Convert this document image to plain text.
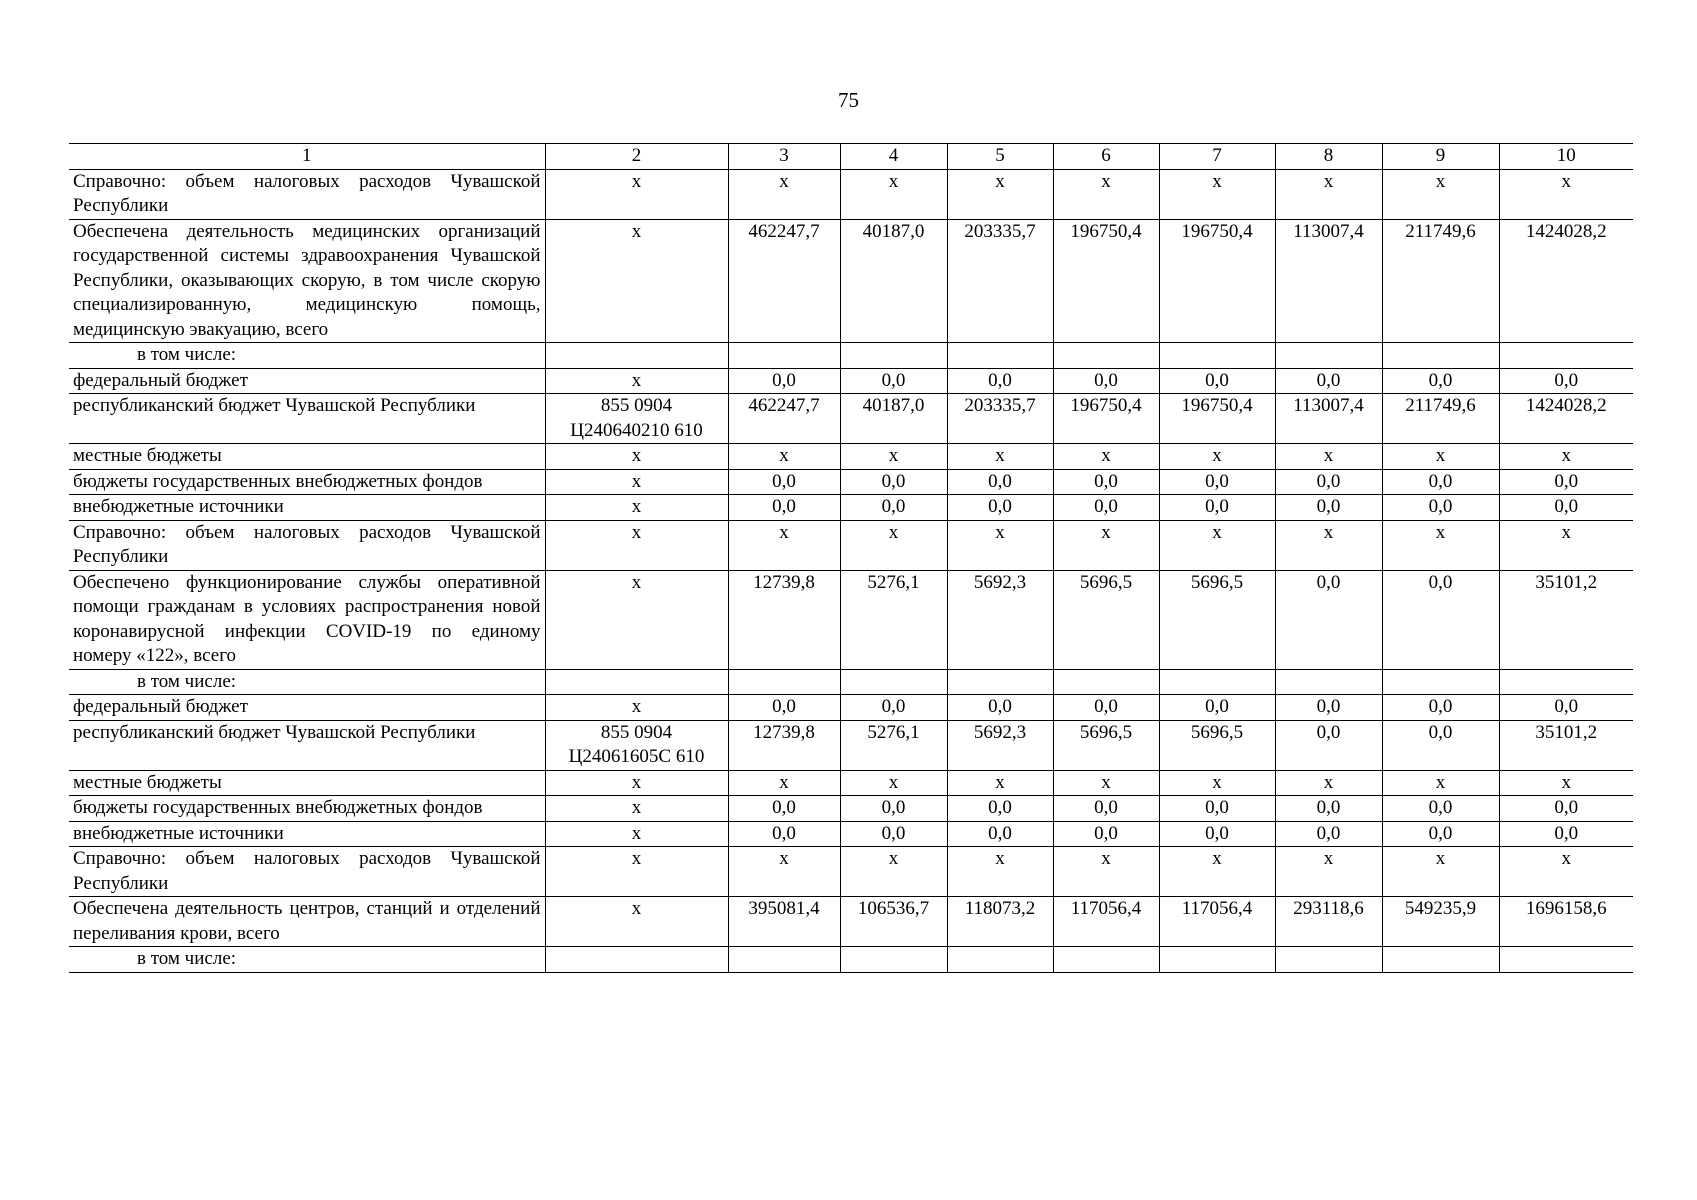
75
1	2	3	4	5	6	7	8	9	10
Справочно: объем налоговых расходов Чувашской Республики	х	х	х	х	х	х	х	х	х
Обеспечена деятельность медицинских организаций государственной системы здравоохранения Чувашской Республики, оказывающих скорую, в том числе скорую специализированную, медицинскую помощь, медицинскую эвакуацию, всего	х	462247,7	40187,0	203335,7	196750,4	196750,4	113007,4	211749,6	1424028,2
в том числе:									
федеральный бюджет	х	0,0	0,0	0,0	0,0	0,0	0,0	0,0	0,0
республиканский бюджет Чувашской Республики	855 0904 Ц240640210 610	462247,7	40187,0	203335,7	196750,4	196750,4	113007,4	211749,6	1424028,2
местные бюджеты	х	х	х	х	х	х	х	х	х
бюджеты государственных внебюджетных фондов	х	0,0	0,0	0,0	0,0	0,0	0,0	0,0	0,0
внебюджетные источники	х	0,0	0,0	0,0	0,0	0,0	0,0	0,0	0,0
Справочно: объем налоговых расходов Чувашской Республики	х	х	х	х	х	х	х	х	х
Обеспечено функционирование службы оперативной помощи гражданам в условиях распространения новой коронавирусной инфекции COVID-19 по единому номеру «122», всего	х	12739,8	5276,1	5692,3	5696,5	5696,5	0,0	0,0	35101,2
в том числе:									
федеральный бюджет	х	0,0	0,0	0,0	0,0	0,0	0,0	0,0	0,0
республиканский бюджет Чувашской Республики	855 0904 Ц24061605С 610	12739,8	5276,1	5692,3	5696,5	5696,5	0,0	0,0	35101,2
местные бюджеты	х	х	х	х	х	х	х	х	х
бюджеты государственных внебюджетных фондов	х	0,0	0,0	0,0	0,0	0,0	0,0	0,0	0,0
внебюджетные источники	х	0,0	0,0	0,0	0,0	0,0	0,0	0,0	0,0
Справочно: объем налоговых расходов Чувашской Республики	х	х	х	х	х	х	х	х	х
Обеспечена деятельность центров, станций и отделений переливания крови, всего	х	395081,4	106536,7	118073,2	117056,4	117056,4	293118,6	549235,9	1696158,6
в том числе:									
